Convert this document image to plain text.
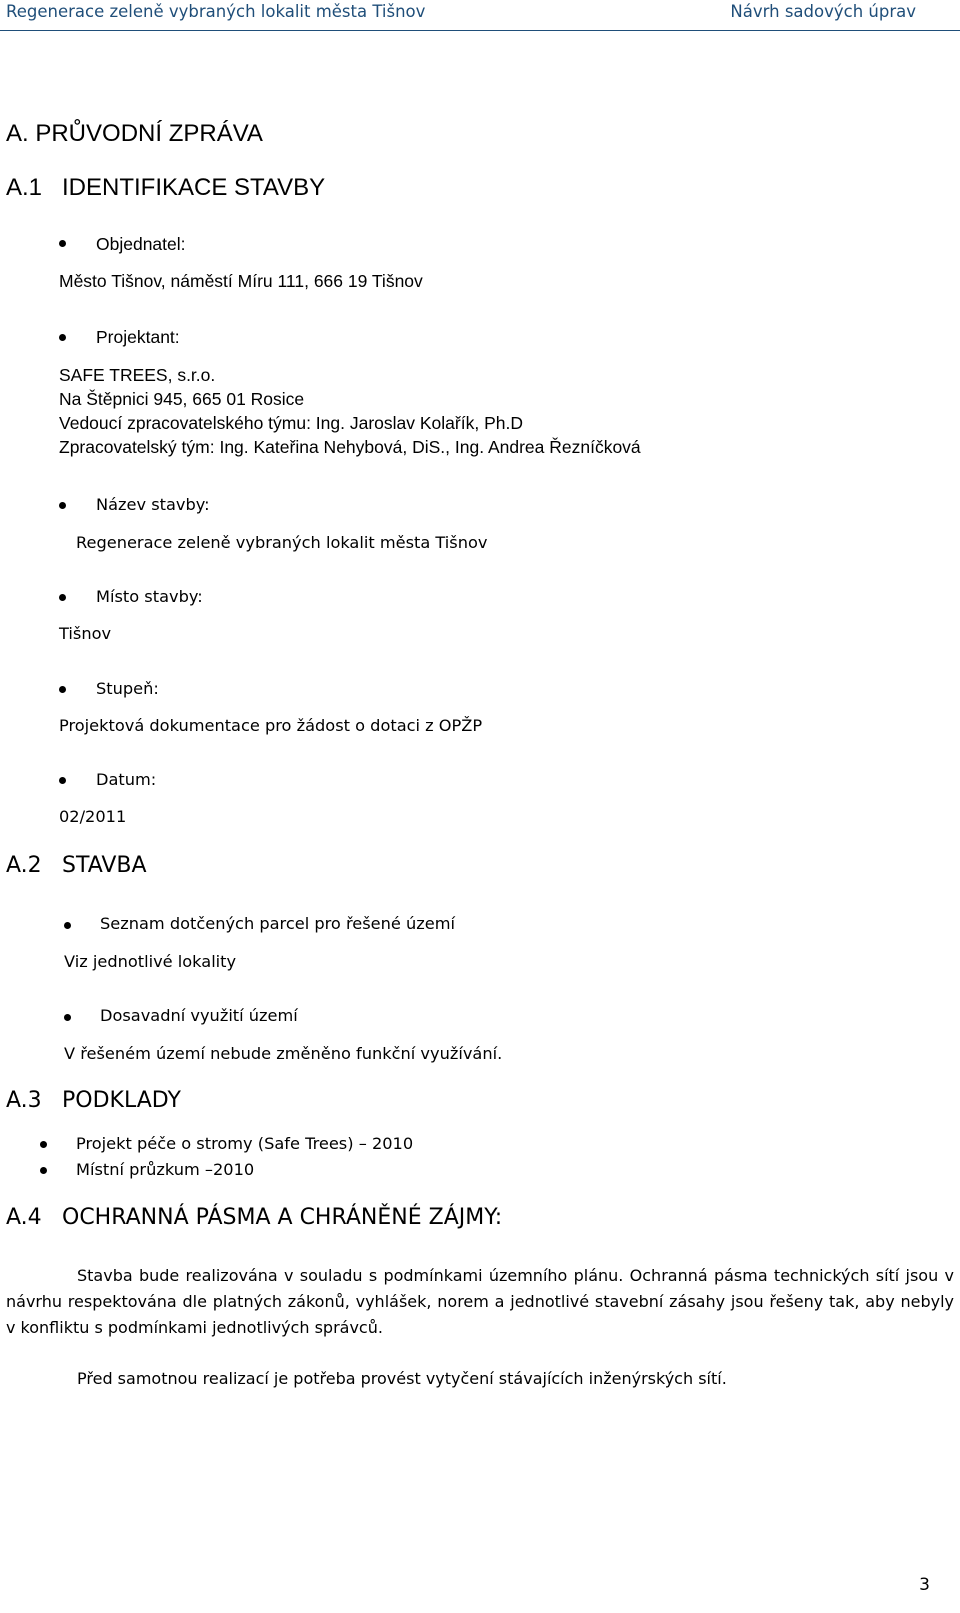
Regenerace zeleně vybraných lokalit města Tišnov	Návrh sadových úprav
A. PRŮVODNÍ ZPRÁVA
A.1 IDENTIFIKACE STAVBY
Objednatel:
Město Tišnov, náměstí Míru 111, 666 19 Tišnov
Projektant:
SAFE TREES, s.r.o.
Na Štěpnici 945, 665 01 Rosice
Vedoucí zpracovatelského týmu: Ing. Jaroslav Kolařík, Ph.D
Zpracovatelský tým: Ing. Kateřina Nehybová, DiS., Ing. Andrea Řezníčková
Název stavby:
Regenerace zeleně vybraných lokalit města Tišnov
Místo stavby:
Tišnov
Stupeň:
Projektová dokumentace pro žádost o dotaci z OPŽP
Datum:
02/2011
A.2 STAVBA
Seznam dotčených parcel pro řešené území
Viz jednotlivé lokality
Dosavadní využití území
V řešeném území nebude změněno funkční využívání.
A.3 PODKLADY
Projekt péče o stromy (Safe Trees) – 2010
Místní průzkum –2010
A.4 OCHRANNÁ PÁSMA A CHRÁNĚNÉ ZÁJMY:
Stavba bude realizována v souladu s podmínkami územního plánu. Ochranná pásma technických sítí jsou v návrhu respektována dle platných zákonů, vyhlášek, norem a jednotlivé stavební zásahy jsou řešeny tak, aby nebyly v konfliktu s podmínkami jednotlivých správců.
Před samotnou realizací je potřeba provést vytyčení stávajících inženýrských sítí.
3
